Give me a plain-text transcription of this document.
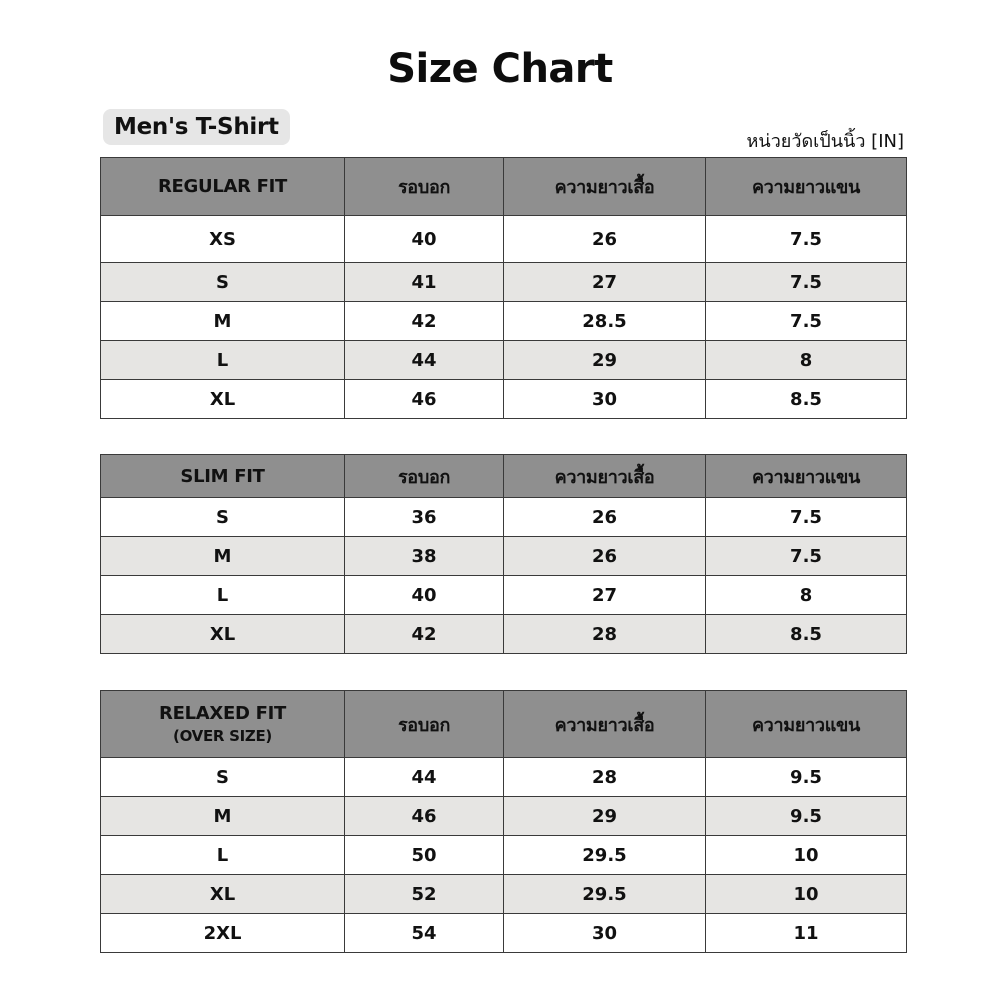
Size Chart
Men's T-Shirt
หน่วยวัดเป็นนิ้ว [IN]
REGULAR FIT	รอบอก	ความยาวเสื้อ	ความยาวแขน
XS	40	26	7.5
S	41	27	7.5
M	42	28.5	7.5
L	44	29	8
XL	46	30	8.5
SLIM FIT	รอบอก	ความยาวเสื้อ	ความยาวแขน
S	36	26	7.5
M	38	26	7.5
L	40	27	8
XL	42	28	8.5
RELAXED FIT
(OVER SIZE)	รอบอก	ความยาวเสื้อ	ความยาวแขน
S	44	28	9.5
M	46	29	9.5
L	50	29.5	10
XL	52	29.5	10
2XL	54	30	11
